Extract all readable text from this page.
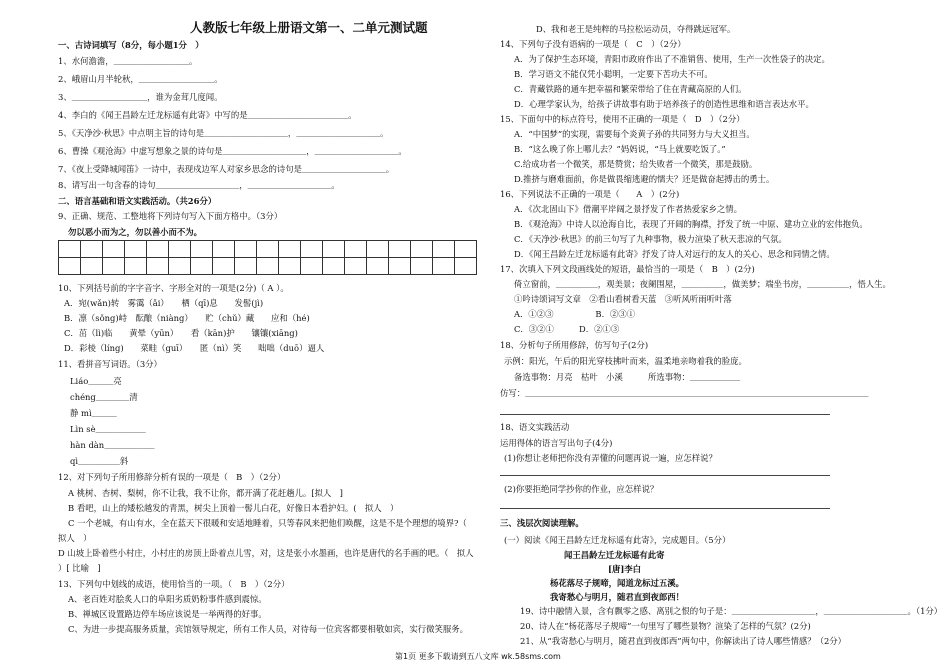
人教版七年级上册语文第一、二单元测试题
一、古诗词填写（8分，每小题1分　）
1、水何澹澹，＿＿＿＿＿＿＿＿＿。
2、峨眉山月半轮秋，＿＿＿＿＿＿＿＿＿。
3、＿＿＿＿＿＿＿＿＿，谁为金茸几度闻。
4、李白的《闻王昌龄左迁龙标遥有此寄》中写的是＿＿＿＿＿＿＿＿＿＿＿＿。
5、《天净沙·秋思》中点明主旨的诗句是＿＿＿＿＿＿＿＿＿＿，＿＿＿＿＿＿＿＿＿＿。
6、曹操《观沧海》中虚写想象之景的诗句是＿＿＿＿＿＿＿＿＿＿，＿＿＿＿＿＿＿＿＿＿。
7、《夜上受降城闻笛》一诗中，表现戍边军人对家乡思念的诗句是＿＿＿＿＿＿＿＿＿＿。
8、请写出一句含春的诗句＿＿＿＿＿＿＿＿＿＿，＿＿＿＿＿＿＿＿＿＿。
二、语言基础和语文实践活动。（共26分）
9、正确、规范、工整地将下列诗句写入下面方格中。（3分）
勿以恶小而为之，勿以善小而不为。

10、下列括号前的字字音字、字形全对的一项是(2分)（ A ）。
A．宛(wǎn)转　雾霭（ǎi）　　栖（qī)息　　发髻(jì)
B．凛（sǒng)峙　酝酿（niàng）　　贮（chǔ）藏　　应和（hé)
C．茁（lì)临　　黄晕（yūn）　　看（kān)护　　镶镶(xiāng)
D．彩棱（líng)　　菜畦（guī）　　匿（nì）笑　　咄咄（duō）逼人
11、看拼音写词语。（3分）
Liáo＿＿＿亮
chéng＿＿＿＿清
静 mì＿＿＿
Lìn sè＿＿＿＿＿＿
hàn dàn＿＿＿＿＿＿
qì＿＿＿＿＿斜
12、对下列句子所用修辞分析有误的一项是（　B　）（2分）
A 桃树、杏树、梨树，你不让我，我不让你，都开满了花赶趟儿。[拟人　]
B 看吧，山上的矮松越发的青黑，树尖上顶着一髻儿白花，好像日本看护妇。(　拟人　）
C 一个老城，有山有水，全在蓝天下很暖和安适地睡着，只等春风来把他们唤醒，这是不是个理想的境界?（
拟人　）
D 山坡上卧着些小村庄，小村庄的房顶上卧着点儿雪，对，这是张小水墨画，也许是唐代的名手画的吧。（　拟人
）[ 比喻　]
13、下列句中划线的成语，使用恰当的一项。（　B　）（2分）
A、老百姓对脍炙人口的阜阳劣质奶粉事件感到震惊。
B、禅城区设置路边停车场应该说是一举两得的好事。
C、为进一步提高服务质量，宾馆领导规定，所有工作人员，对待每一位宾客都要相敬如宾，实行微笑服务。
D、我和老王是纯粹的马拉松运动员，夺得跳远冠军。
14、下列句子没有语病的一项是（　C　）（2分）
A．为了保护生态环境，青阳市政府作出了不准销售、使用，生产一次性袋子的决定。
B．学习语文不能仅凭小聪明，一定要下苦功夫不可。
C．青藏铁路的通车把幸福和繁荣带给了住在青藏高原的人们。
D．心理学家认为，给孩子讲故事有助于培养孩子的创造性思维和语言表达水平。
15、下面句中的标点符号，使用不正确的一项是（　D　）（2分）
A．“中国梦”的实现，需要每个炎黄子孙的共同努力与大义担当。
B．“这么晚了你上哪儿去？”妈妈说，“马上就要吃饭了。”
C.给成功者一个微笑，那是赞赏；给失败者一个微笑，那是鼓励。
D.推挤与磨难面前，你是做畏缩逃避的懦夫？还是做奋起搏击的勇士。
16、下列说法不正确的一项是（　　A　）(2分)
A．《次北固山下》借潮平岸阔之景抒发了作者热爱家乡之情。
B．《观沧海》中诗人以沧海自比，表现了开阔的胸襟，抒发了统一中原、建功立业的宏伟抱负。
C．《天净沙·秋思》的前三句写了九种事物，极力渲染了秋天悲凉的气氛。
D．《闻王昌龄左迁龙标遥有此寄》抒发了诗人对远行的友人的关心、思念和同情之情。
17、次填入下列文段画线处的短语，最恰当的一项是（　B　）(2分)
倚立窗前，＿＿＿＿＿，观美景；夜阑围屋，＿＿＿＿＿，做美梦；端坐书房，＿＿＿＿＿，悟人生。
①吟诗颂词写文章　②看山看树看天蓝　③听风听雨听叶落
A．①②③　　　　　B．②③①
C．③②①　　　D．②①③
18、分析句子所用修辞，仿写句子(2分)
示例：阳光，午后的阳光穿枝拂叶而来，温柔地亲吻着我的脸庞。
备选事物：月亮　枯叶　小溪　　　所选事物：＿＿＿＿＿＿
仿写：＿＿＿＿＿＿＿＿＿＿＿＿＿＿＿＿＿＿＿＿＿＿＿＿＿＿＿＿＿＿＿＿＿＿＿＿＿＿＿＿＿
18、语文实践活动
运用得体的语言写出句子(4分)
(1)你想让老师把你没有弄懂的问题再说一遍，应怎样说？
(2)你要拒绝同学抄你的作业，应怎样说？
三、浅层次阅读理解。
(一）阅读《闻王昌龄左迁龙标遥有此寄》，完成题目。（5分）
闻王昌龄左迁龙标遥有此寄
[唐]李白
杨花落尽子规啼，闻道龙标过五溪。
我寄愁心与明月，随君直到夜郎西！
19、诗中融情入景，含有飘零之感、离别之恨的句子是：＿＿＿＿＿＿＿＿＿＿，＿＿＿＿＿＿＿＿＿＿。（1分）
20、诗人在“杨花落尽子规啼”一句里写了哪些景物？渲染了怎样的气氛？(2分)
21、从“我寄愁心与明月，随君直到夜郎西”两句中，你解读出了诗人哪些情感？（2分）
第1页 更多下载请到五八文库 wk.58sms.com
